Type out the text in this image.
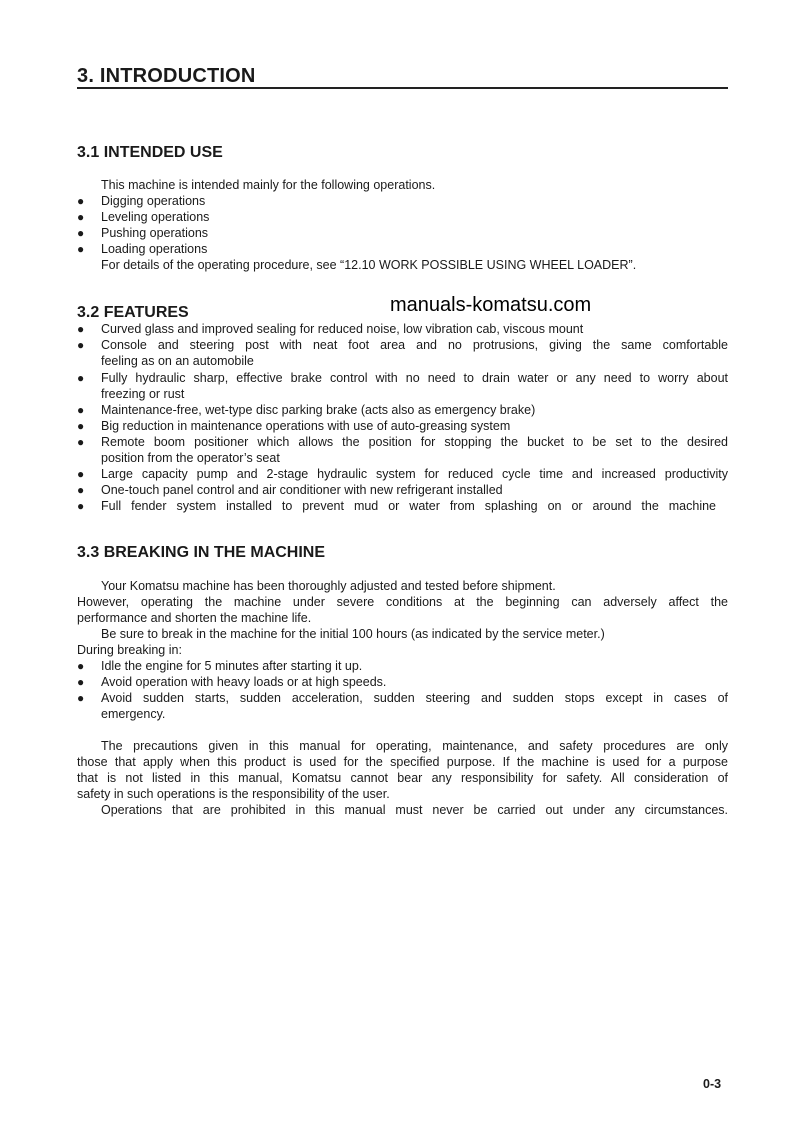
3. INTRODUCTION
3.1 INTENDED USE
This machine is intended mainly for the following operations.
●	Digging operations
●	Leveling operations
●	Pushing operations
●	Loading operations
For details of the operating procedure, see “12.10 WORK POSSIBLE USING WHEEL LOADER”.
manuals-komatsu.com
3.2 FEATURES
●	Curved glass and improved sealing for reduced noise, low vibration cab, viscous mount
●	Console and steering post with neat foot area and no protrusions, giving the same comfortable
feeling as on an automobile
●	Fully hydraulic sharp, effective brake control with no need to drain water or any need to worry about
freezing or rust
●	Maintenance-free, wet-type disc parking brake (acts also as emergency brake)
●	Big reduction in maintenance operations with use of auto-greasing system
●	Remote boom positioner which allows the position for stopping the bucket to be set to the desired
position from the operator’s seat
●	Large capacity pump and 2-stage hydraulic system for reduced cycle time and increased productivity
●	One-touch panel control and air conditioner with new refrigerant installed
●	Full fender system installed to prevent mud or water from splashing on or around the machine
3.3 BREAKING IN THE MACHINE
Your Komatsu machine has been thoroughly adjusted and tested before shipment.
However, operating the machine under severe conditions at the beginning can adversely affect the
performance and shorten the machine life.
Be sure to break in the machine for the initial 100 hours (as indicated by the service meter.)
During breaking in:
●	Idle the engine for 5 minutes after starting it up.
●	Avoid operation with heavy loads or at high speeds.
●	Avoid sudden starts, sudden acceleration, sudden steering and sudden stops except in cases of
emergency.
The precautions given in this manual for operating, maintenance, and safety procedures are only
those that apply when this product is used for the specified purpose. If the machine is used for a purpose
that is not listed in this manual, Komatsu cannot bear any responsibility for safety. All consideration of
safety in such operations is the responsibility of the user.
Operations that are prohibited in this manual must never be carried out under any circumstances.
0-3
